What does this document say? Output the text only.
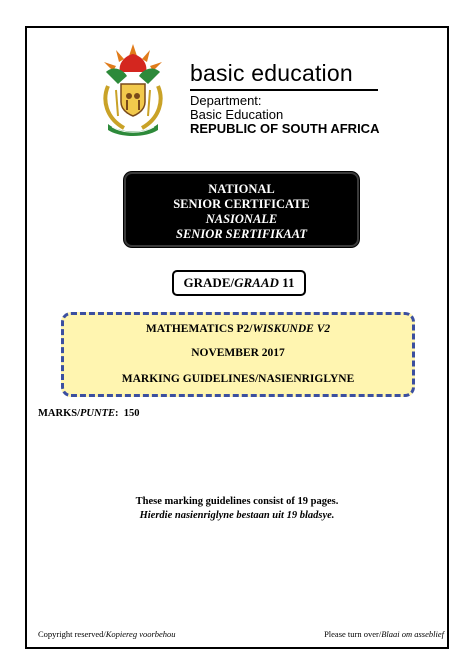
basic education
Department:
Basic Education
REPUBLIC OF SOUTH AFRICA
NATIONAL
SENIOR CERTIFICATE
NASIONALE
SENIOR SERTIFIKAAT
GRADE/GRAAD 11
MATHEMATICS P2/WISKUNDE V2
NOVEMBER 2017
MARKING GUIDELINES/NASIENRIGLYNE
MARKS/PUNTE: 150
These marking guidelines consist of 19 pages.
Hierdie nasienriglyne bestaan uit 19 bladsye.
Copyright reserved/Kopiereg voorbehou	Please turn over/Blaai om asseblief
